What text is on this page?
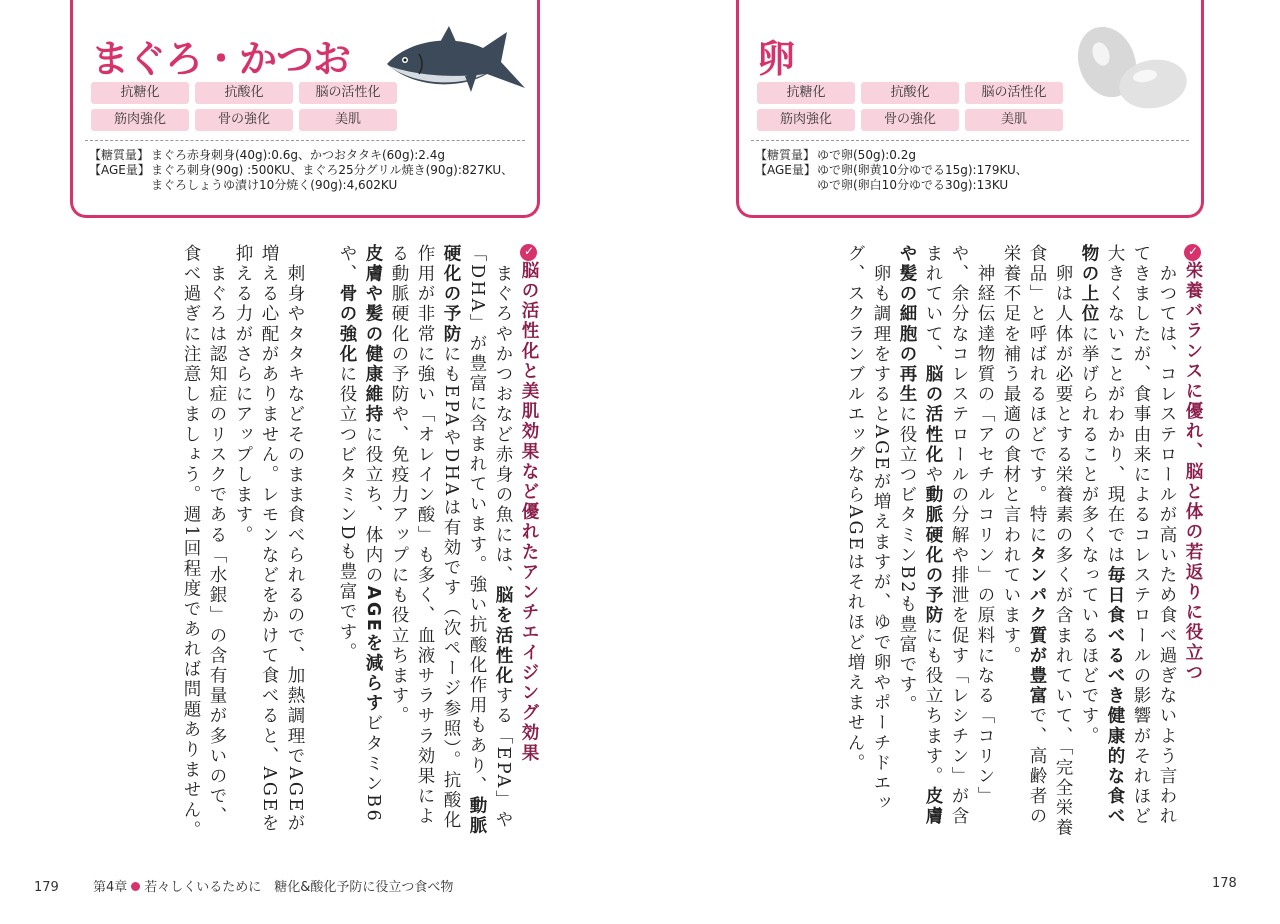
まぐろ・かつお
抗糖化	抗酸化	脳の活性化
筋肉強化	骨の強化	美肌
【糖質量】 まぐろ赤身刺身(40g):0.6g、かつおタタキ(60g):2.4g
【AGE量】 まぐろ刺身(90g) :500KU、まぐろ25分グリル焼き(90g):827KU、
まぐろしょうゆ漬け10分焼く(90g):4,602KU
卵
抗糖化	抗酸化	脳の活性化
筋肉強化	骨の強化	美肌
【糖質量】 ゆで卵(50g):0.2g
【AGE量】 ゆで卵(卵黄10分ゆでる15g):179KU、
ゆで卵(卵白10分ゆでる30g):13KU

✓脳の活性化と美肌効果など優れたアンチエイジング効果

　まぐろやかつおなど赤身の魚には、脳を活性化する「EPA」や「DHA」が豊富に含まれています。強い抗酸化作用もあり、動脈硬化の予防にもEPAやDHAは有効です（次ページ参照）。抗酸化作用が非常に強い「オレイン酸」も多く、血液サラサラ効果による動脈硬化の予防や、免疫力アップにも役立ちます。

皮膚や髪の健康維持に役立ち、体内のAGEを減らすビタミンB6や、骨の強化に役立つビタミンDも豊富です。

　刺身やタタキなどそのまま食べられるので、加熱調理でAGEが増える心配がありません。レモンなどをかけて食べると、AGEを抑える力がさらにアップします。

　まぐろは認知症のリスクである「水銀」の含有量が多いので、食べ過ぎに注意しましょう。週1回程度であれば問題ありません。	✓栄養バランスに優れ、脳と体の若返りに役立つ

　かつては、コレステロールが高いため食べ過ぎないよう言われてきましたが、食事由来によるコレステロールの影響がそれほど大きくないことがわかり、現在では毎日食べるべき健康的な食べ物の上位に挙げられることが多くなっているほどです。

　卵は人体が必要とする栄養素の多くが含まれていて、「完全栄養食品」と呼ばれるほどです。特にタンパク質が豊富で、高齢者の栄養不足を補う最適の食材と言われています。

　神経伝達物質の「アセチルコリン」の原料になる「コリン」や、余分なコレステロールの分解や排泄を促す「レシチン」が含まれていて、脳の活性化や動脈硬化の予防にも役立ちます。皮膚や髪の細胞の再生に役立つビタミンB2も豊富です。

　卵も調理をするとAGEが増えますが、ゆで卵やポーチドエッグ、スクランブルエッグならAGEはそれほど増えません。

179	第4章 若々しくいるために　糖化&酸化予防に役立つ食べ物	178
